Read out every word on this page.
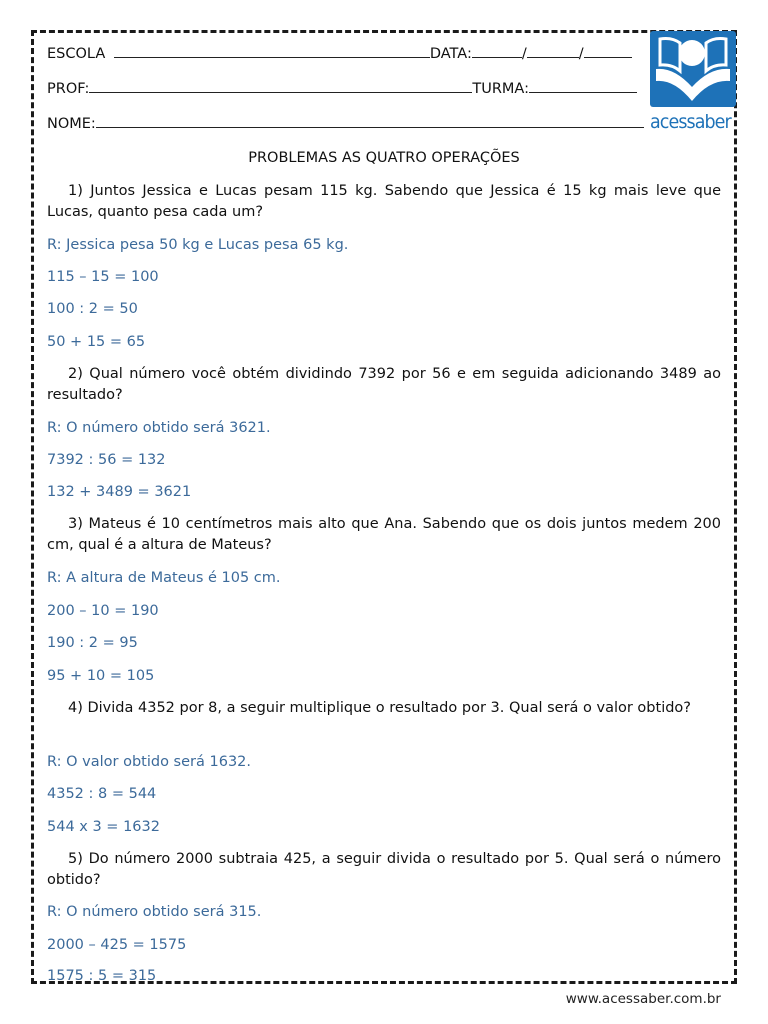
ESCOLA	DATA:	/	/
PROF:	TURMA:
NOME:	acessaber
PROBLEMAS AS QUATRO OPERAÇÕES
1) Juntos Jessica e Lucas pesam 115 kg. Sabendo que Jessica é 15 kg mais leve que Lucas, quanto pesa cada um?
R: Jessica pesa 50 kg e Lucas pesa 65 kg.
115 – 15 = 100
100 : 2 = 50
50 + 15 = 65
2) Qual número você obtém dividindo 7392 por 56 e em seguida adicionando 3489 ao resultado?
R: O número obtido será 3621.
7392 : 56 = 132
132 + 3489 = 3621
3) Mateus é 10 centímetros mais alto que Ana. Sabendo que os dois juntos medem 200 cm, qual é a altura de Mateus?
R: A altura de Mateus é 105 cm.
200 – 10 = 190
190 : 2 = 95
95 + 10 = 105
4) Divida 4352 por 8, a seguir multiplique o resultado por 3. Qual será o valor obtido?
R: O valor obtido será 1632.
4352 : 8 = 544
544 x 3 = 1632
5) Do número 2000 subtraia 425, a seguir divida o resultado por 5. Qual será o número obtido?
R: O número obtido será 315.
2000 – 425 = 1575
1575 : 5 = 315
www.acessaber.com.br
